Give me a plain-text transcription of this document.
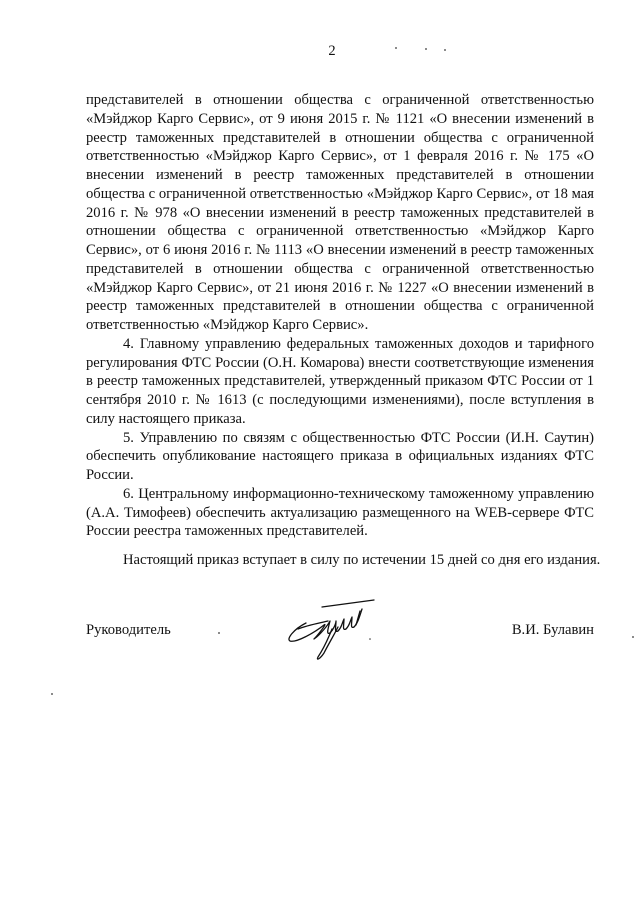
2

представителей в отношении общества с ограниченной ответственностью «Мэйджор Карго Сервис», от 9 июня 2015 г. № 1121 «О внесении изменений в реестр таможенных представителей в отношении общества с ограниченной ответственностью «Мэйджор Карго Сервис», от 1 февраля 2016 г. № 175 «О внесении изменений в реестр таможенных представителей в отношении общества с ограниченной ответственностью «Мэйджор Карго Сервис», от 18 мая 2016 г. № 978 «О внесении изменений в реестр таможенных представителей в отношении общества с ограниченной ответственностью «Мэйджор Карго Сервис», от 6 июня 2016 г. № 1113 «О внесении изменений в реестр таможенных представителей в отношении общества с ограниченной ответственностью «Мэйджор Карго Сервис», от 21 июня 2016 г. № 1227 «О внесении изменений в реестр таможенных представителей в отношении общества с ограниченной ответственностью «Мэйджор Карго Сервис».

4. Главному управлению федеральных таможенных доходов и тарифного регулирования ФТС России (О.Н. Комарова) внести соответствующие изменения в реестр таможенных представителей, утвержденный приказом ФТС России от 1 сентября 2010 г. № 1613 (с последующими изменениями), после вступления в силу настоящего приказа.

5. Управлению по связям с общественностью ФТС России (И.Н. Саутин) обеспечить опубликование настоящего приказа в официальных изданиях ФТС России.

6. Центральному информационно-техническому таможенному управлению (А.А. Тимофеев) обеспечить актуализацию размещенного на WEB-сервере ФТС России реестра таможенных представителей.

Настоящий приказ вступает в силу по истечении 15 дней со дня его издания.
Руководитель	В.И. Булавин
